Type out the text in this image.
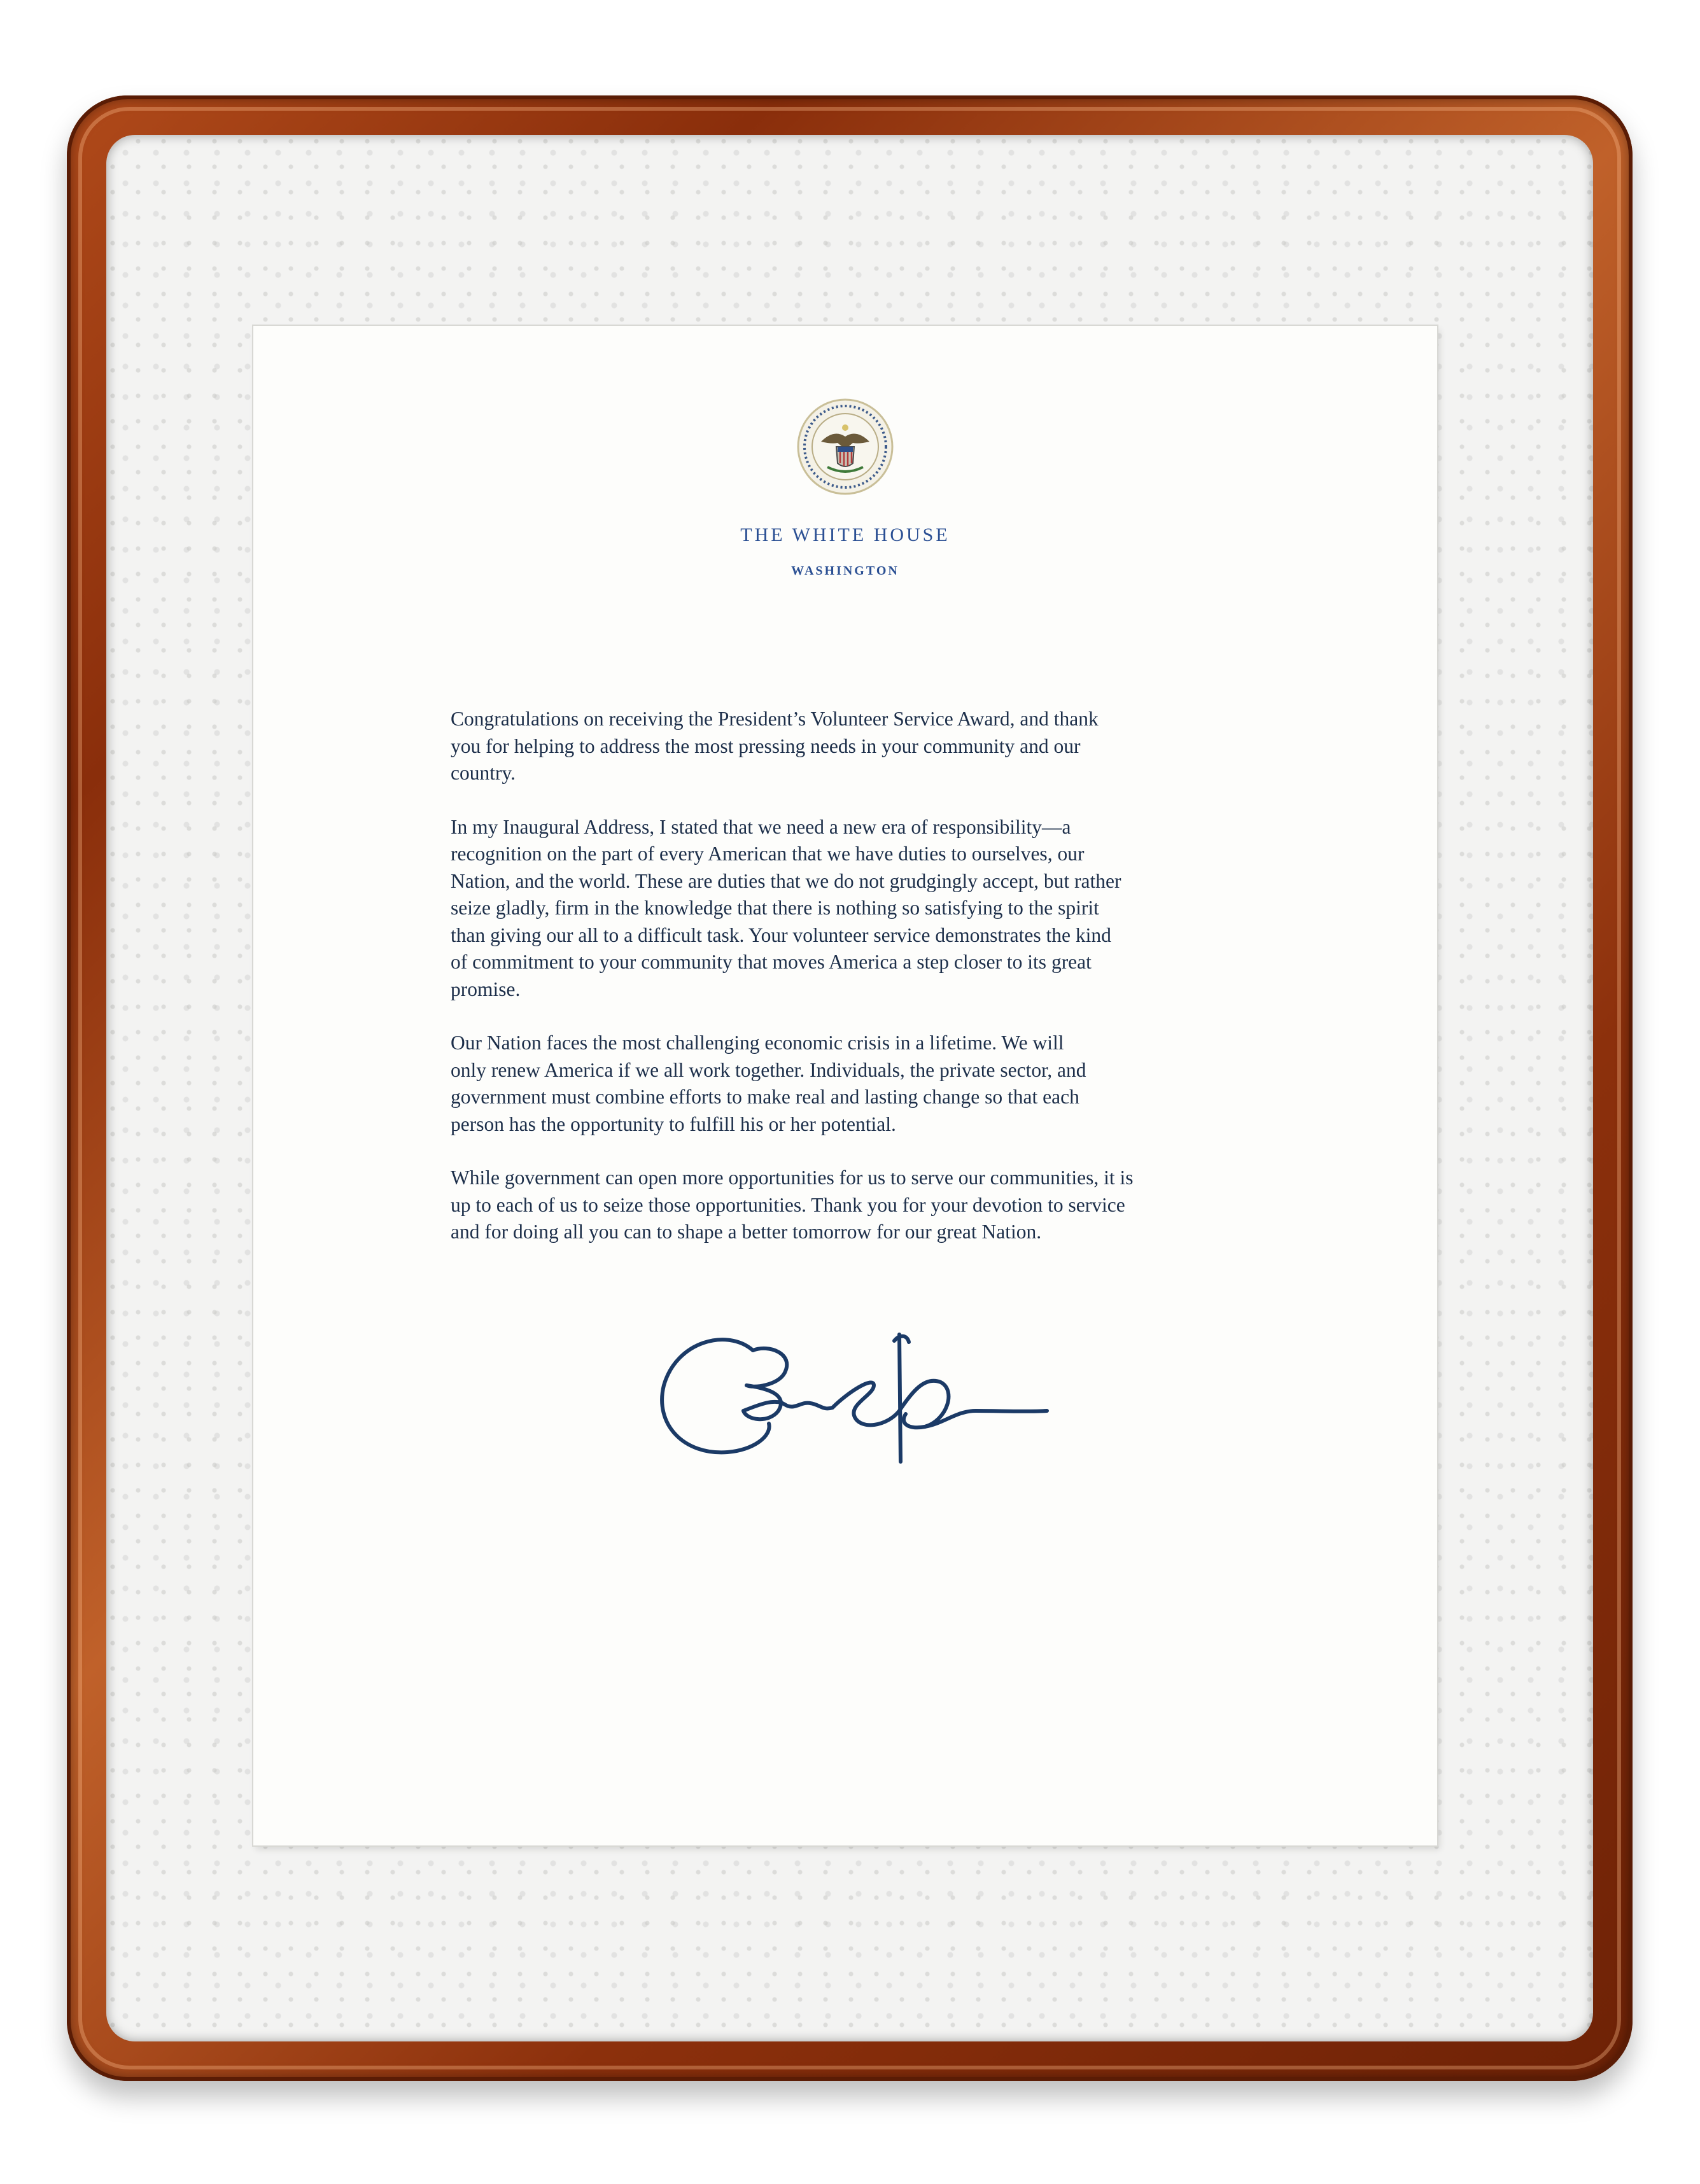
THE WHITE HOUSE
WASHINGTON

Congratulations on receiving the President’s Volunteer Service Award, and thank
you for helping to address the most pressing needs in your community and our
country.

In my Inaugural Address, I stated that we need a new era of responsibility—a
recognition on the part of every American that we have duties to ourselves, our
Nation, and the world. These are duties that we do not grudgingly accept, but rather
seize gladly, firm in the knowledge that there is nothing so satisfying to the spirit
than giving our all to a difficult task. Your volunteer service demonstrates the kind
of commitment to your community that moves America a step closer to its great
promise.

Our Nation faces the most challenging economic crisis in a lifetime. We will
only renew America if we all work together. Individuals, the private sector, and
government must combine efforts to make real and lasting change so that each
person has the opportunity to fulfill his or her potential.

While government can open more opportunities for us to serve our communities, it is
up to each of us to seize those opportunities. Thank you for your devotion to service
and for doing all you can to shape a better tomorrow for our great Nation.
